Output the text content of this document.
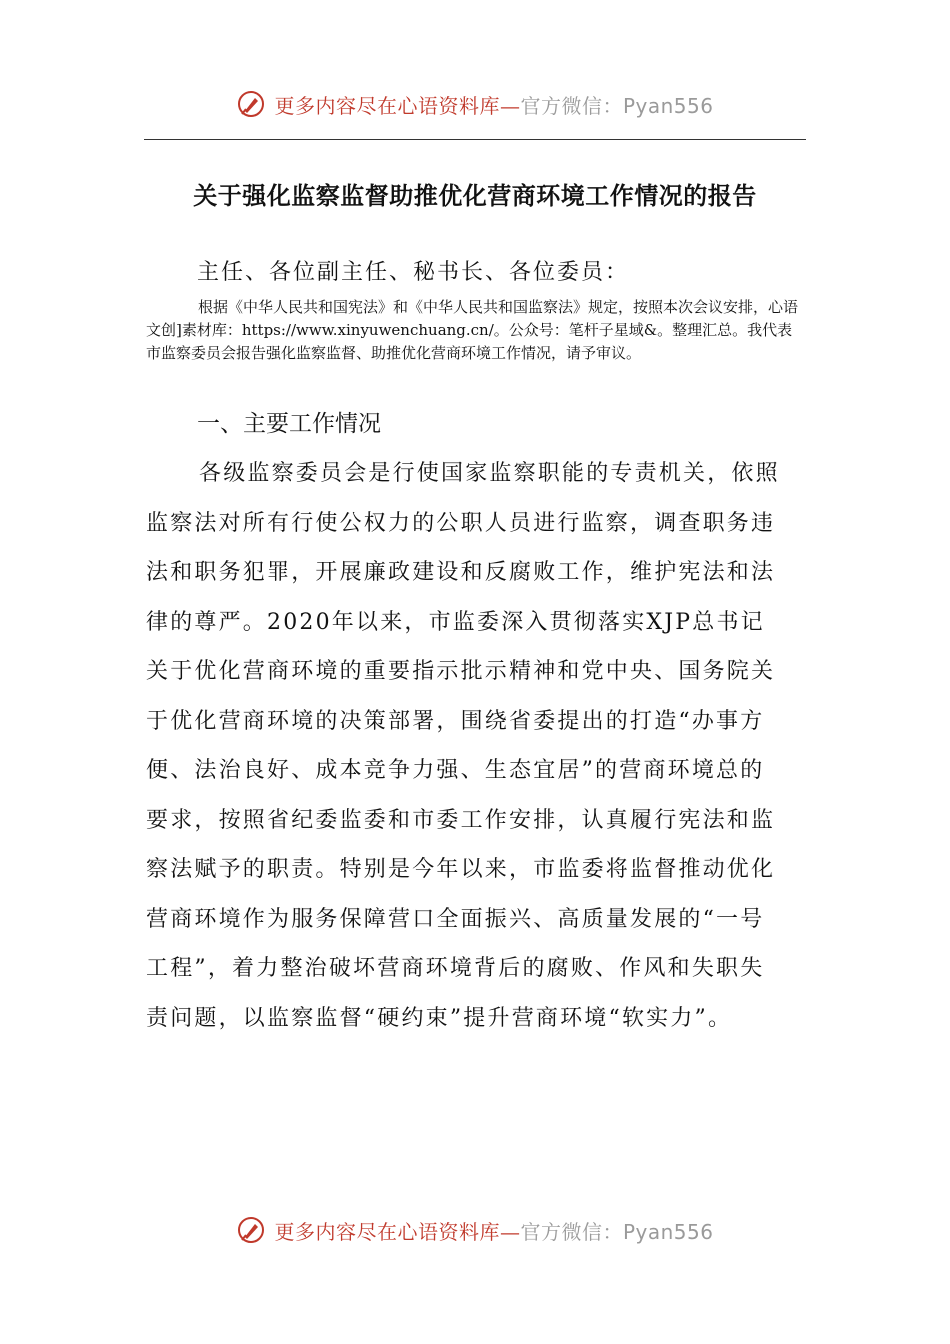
更多内容尽在心语资料库—官方微信：Pyan556
关于强化监察监督助推优化营商环境工作情况的报告
主任、各位副主任、秘书长、各位委员：
根据《中华人民共和国宪法》和《中华人民共和国监察法》规定，按照本次会议安排，心语文创]素材库：https://www.xinyuwenchuang.cn/。公众号：笔杆子星域&。整理汇总。我代表市监察委员会报告强化监察监督、助推优化营商环境工作情况，请予审议。
一、主要工作情况
各级监察委员会是行使国家监察职能的专责机关，依照监察法对所有行使公权力的公职人员进行监察，调查职务违法和职务犯罪，开展廉政建设和反腐败工作，维护宪法和法律的尊严。2020年以来，市监委深入贯彻落实XJP总书记关于优化营商环境的重要指示批示精神和党中央、国务院关于优化营商环境的决策部署，围绕省委提出的打造“办事方便、法治良好、成本竞争力强、生态宜居”的营商环境总的要求，按照省纪委监委和市委工作安排，认真履行宪法和监察法赋予的职责。特别是今年以来，市监委将监督推动优化营商环境作为服务保障营口全面振兴、高质量发展的“一号工程”，着力整治破坏营商环境背后的腐败、作风和失职失责问题，以监察监督“硬约束”提升营商环境“软实力”。
更多内容尽在心语资料库—官方微信：Pyan556
